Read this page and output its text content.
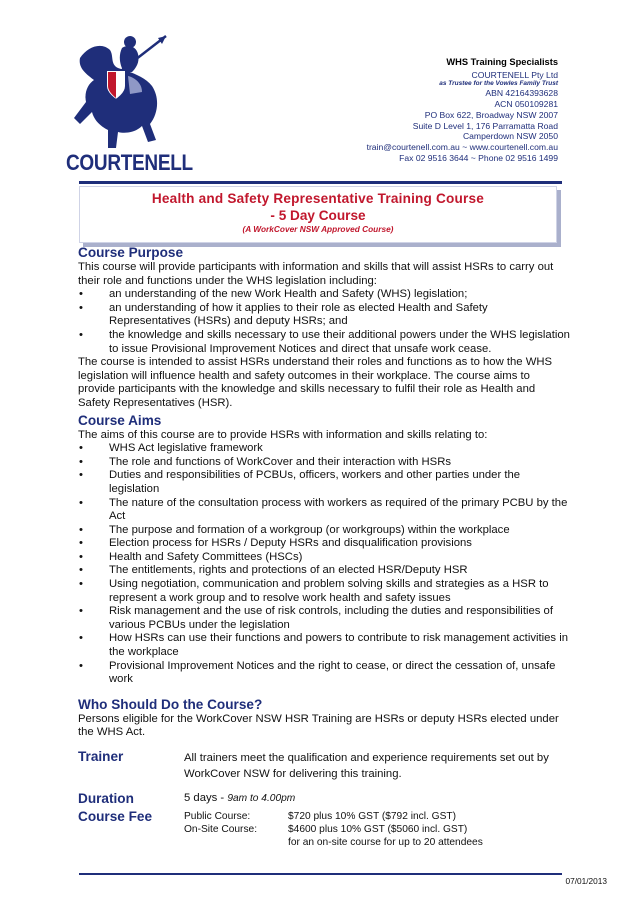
COURTENELL
WHS Training Specialists
COURTENELL Pty Ltd
as Trustee for the Vowles Family Trust
ABN 42164393628
ACN 050109281
PO Box 622, Broadway NSW 2007
Suite D Level 1, 176 Parramatta Road
Camperdown NSW 2050
train@courtenell.com.au ~ www.courtenell.com.au
Fax 02 9516 3644 ~ Phone 02 9516 1499
Health and Safety Representative Training Course
- 5 Day Course
(A WorkCover NSW Approved Course)
Course Purpose

This course will provide participants with information and skills that will assist HSRs to carry out their role and functions under the WHS legislation including:

• an understanding of the new Work Health and Safety (WHS) legislation;
• an understanding of how it applies to their role as elected Health and Safety Representatives (HSRs) and deputy HSRs; and
• the knowledge and skills necessary to use their additional powers under the WHS legislation to issue Provisional Improvement Notices and direct that unsafe work cease.

The course is intended to assist HSRs understand their roles and functions as to how the WHS legislation will influence health and safety outcomes in their workplace. The course aims to provide participants with the knowledge and skills necessary to fulfil their role as Health and Safety Representatives (HSR).

Course Aims

The aims of this course are to provide HSRs with information and skills relating to:

• WHS Act legislative framework
• The role and functions of WorkCover and their interaction with HSRs
• Duties and responsibilities of PCBUs, officers, workers and other parties under the legislation
• The nature of the consultation process with workers as required of the primary PCBU by the Act
• The purpose and formation of a workgroup (or workgroups) within the workplace
• Election process for HSRs / Deputy HSRs and disqualification provisions
• Health and Safety Committees (HSCs)
• The entitlements, rights and protections of an elected HSR/Deputy HSR
• Using negotiation, communication and problem solving skills and strategies as a HSR to represent a work group and to resolve work health and safety issues
• Risk management and the use of risk controls, including the duties and responsibilities of various PCBUs under the legislation
• How HSRs can use their functions and powers to contribute to risk management activities in the workplace
• Provisional Improvement Notices and the right to cease, or direct the cessation of, unsafe work
Who Should Do the Course?

Persons eligible for the WorkCover NSW HSR Training are HSRs or deputy HSRs elected under the WHS Act.

Trainer	All trainers meet the qualification and experience requirements set out by WorkCover NSW for delivering this training.
Duration	5 days - 9am to 4.00pm
Course Fee	Public Course:	$720 plus 10% GST ($792 incl. GST)
On-Site Course:	$4600 plus 10% GST ($5060 incl. GST)
for an on-site course for up to 20 attendees
07/01/2013
